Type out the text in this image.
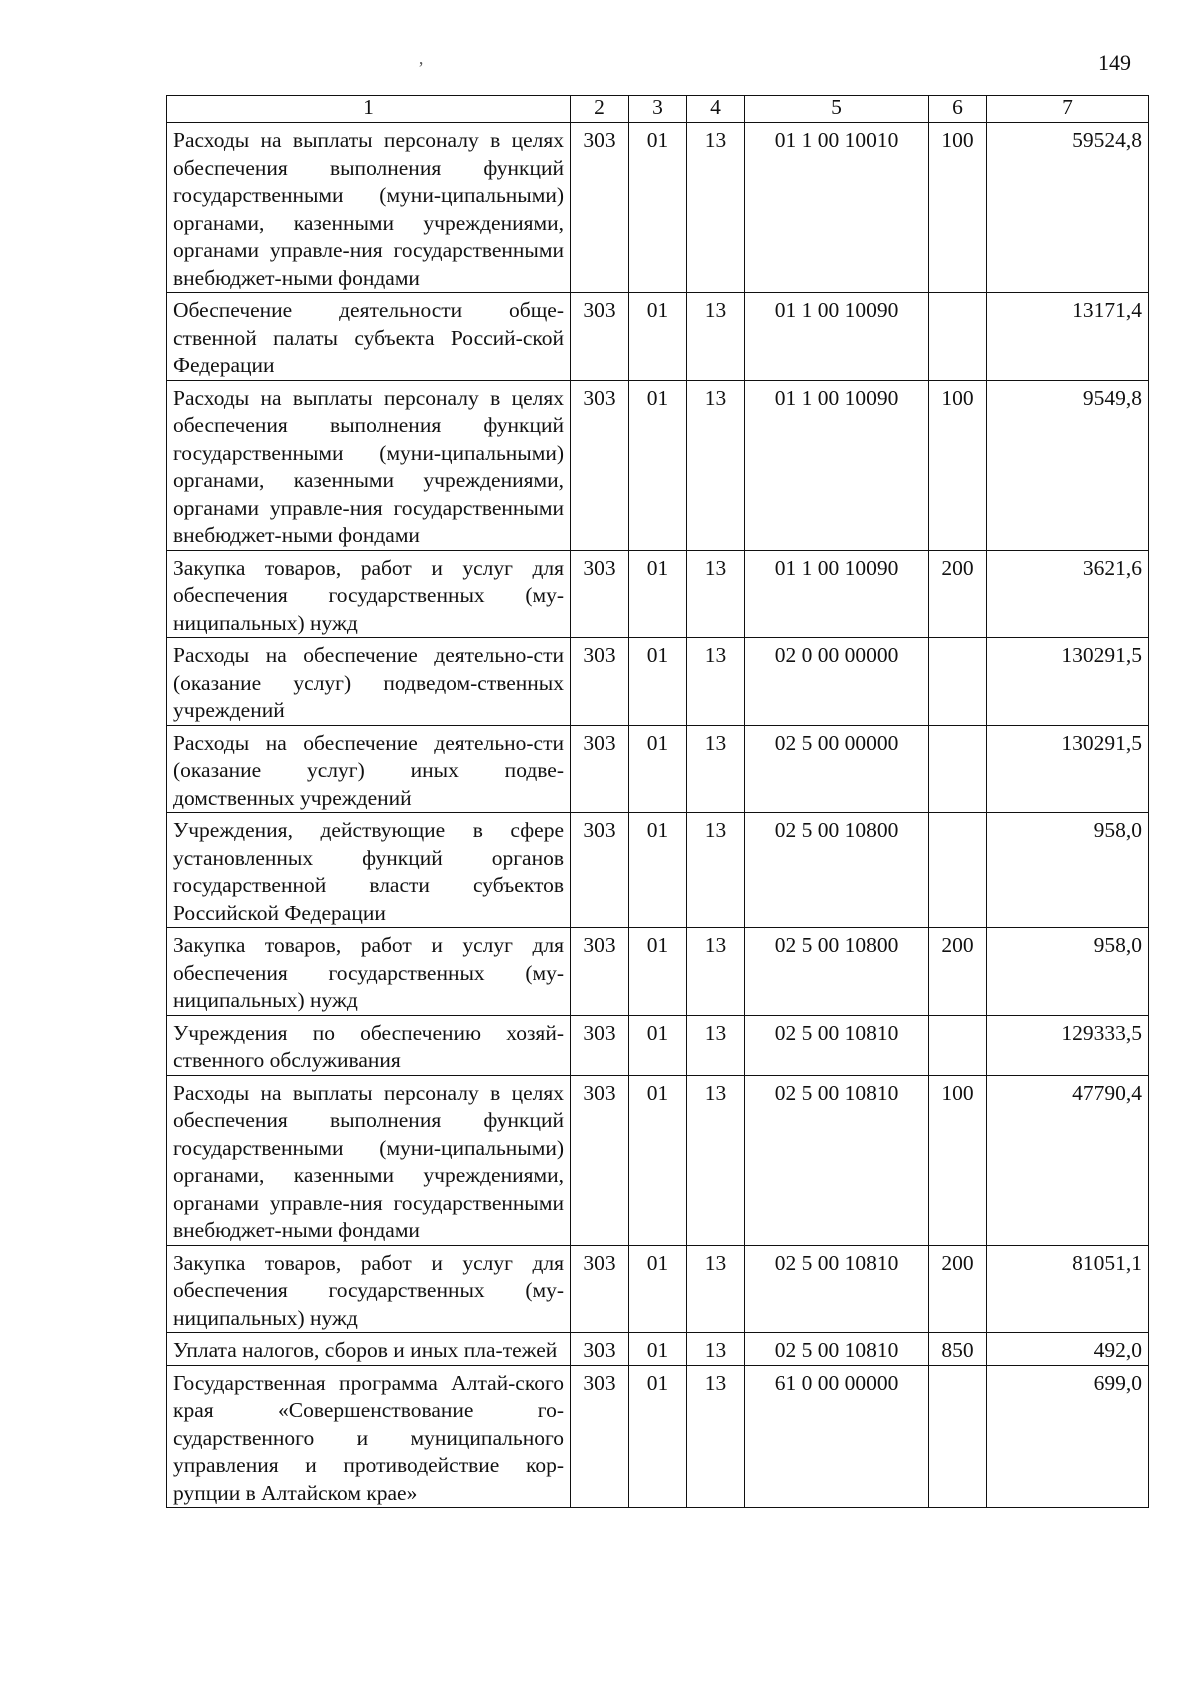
149
ʼ
1	2	3	4	5	6	7
Расходы на выплаты персоналу в целях обеспечения выполнения функций государственными (муни-ципальными) органами, казенными учреждениями, органами управле-ния государственными внебюджет-ными фондами	303	01	13	01 1 00 10010	100	59524,8
Обеспечение деятельности обще-ственной палаты субъекта Россий-ской Федерации	303	01	13	01 1 00 10090		13171,4
Расходы на выплаты персоналу в целях обеспечения выполнения функций государственными (муни-ципальными) органами, казенными учреждениями, органами управле-ния государственными внебюджет-ными фондами	303	01	13	01 1 00 10090	100	9549,8
Закупка товаров, работ и услуг для обеспечения государственных (му-ниципальных) нужд	303	01	13	01 1 00 10090	200	3621,6
Расходы на обеспечение деятельно-сти (оказание услуг) подведом-ственных учреждений	303	01	13	02 0 00 00000		130291,5
Расходы на обеспечение деятельно-сти (оказание услуг) иных подве-домственных учреждений	303	01	13	02 5 00 00000		130291,5
Учреждения, действующие в сфере установленных функций органов государственной власти субъектов Российской Федерации	303	01	13	02 5 00 10800		958,0
Закупка товаров, работ и услуг для обеспечения государственных (му-ниципальных) нужд	303	01	13	02 5 00 10800	200	958,0
Учреждения по обеспечению хозяй-ственного обслуживания	303	01	13	02 5 00 10810		129333,5
Расходы на выплаты персоналу в целях обеспечения выполнения функций государственными (муни-ципальными) органами, казенными учреждениями, органами управле-ния государственными внебюджет-ными фондами	303	01	13	02 5 00 10810	100	47790,4
Закупка товаров, работ и услуг для обеспечения государственных (му-ниципальных) нужд	303	01	13	02 5 00 10810	200	81051,1
Уплата налогов, сборов и иных пла-тежей	303	01	13	02 5 00 10810	850	492,0
Государственная программа Алтай-ского края «Совершенствование го-сударственного и муниципального управления и противодействие кор-рупции в Алтайском крае»	303	01	13	61 0 00 00000		699,0
